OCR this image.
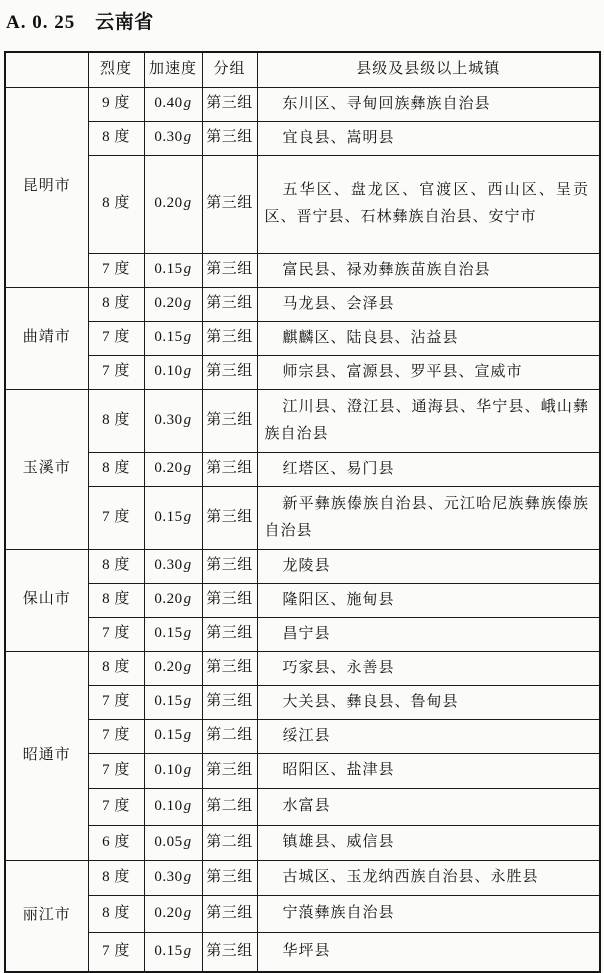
A. 0. 25 云南省
	烈度	加速度	分组	县级及县级以上城镇
昆明市	9 度	0.40g	第三组	东川区、寻甸回族彝族自治县
	8 度	0.30g	第三组	宜良县、嵩明县
	8 度	0.20g	第三组	五华区、盘龙区、官渡区、西山区、呈贡区、晋宁县、石林彝族自治县、安宁市
	7 度	0.15g	第三组	富民县、禄劝彝族苗族自治县
曲靖市	8 度	0.20g	第三组	马龙县、会泽县
	7 度	0.15g	第三组	麒麟区、陆良县、沾益县
	7 度	0.10g	第三组	师宗县、富源县、罗平县、宣威市
玉溪市	8 度	0.30g	第三组	江川县、澄江县、通海县、华宁县、峨山彝族自治县
	8 度	0.20g	第三组	红塔区、易门县
	7 度	0.15g	第三组	新平彝族傣族自治县、元江哈尼族彝族傣族自治县
保山市	8 度	0.30g	第三组	龙陵县
	8 度	0.20g	第三组	隆阳区、施甸县
	7 度	0.15g	第三组	昌宁县
昭通市	8 度	0.20g	第三组	巧家县、永善县
	7 度	0.15g	第三组	大关县、彝良县、鲁甸县
	7 度	0.15g	第二组	绥江县
	7 度	0.10g	第三组	昭阳区、盐津县
	7 度	0.10g	第二组	水富县
	6 度	0.05g	第二组	镇雄县、威信县
丽江市	8 度	0.30g	第三组	古城区、玉龙纳西族自治县、永胜县
	8 度	0.20g	第三组	宁蒗彝族自治县
	7 度	0.15g	第三组	华坪县
